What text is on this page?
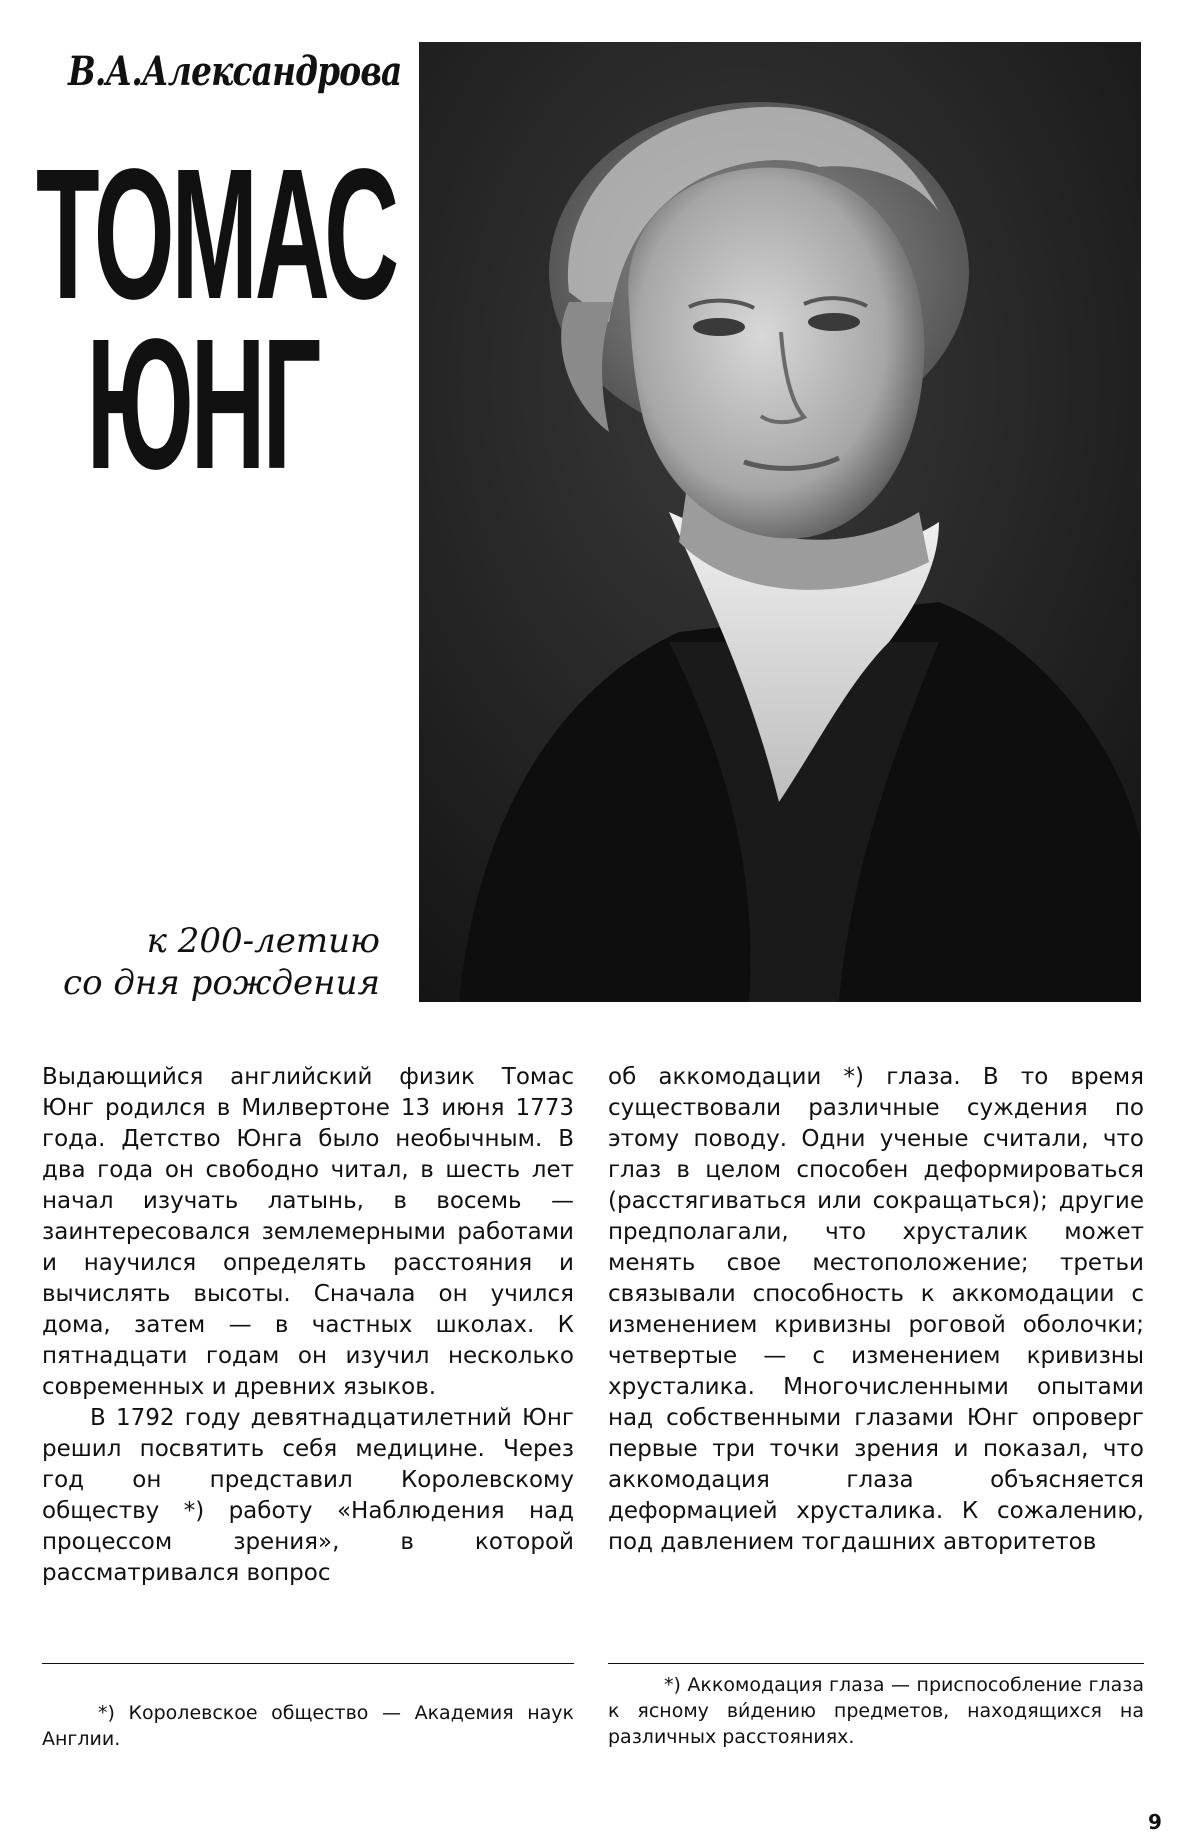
В.А.Александрова
ТОМАС
ЮНГ
к 200-летию
со дня рождения

Выдающийся английский физик Томас Юнг родился в Милвертоне 13 июня 1773 года. Детство Юнга было необычным. В два года он свободно читал, в шесть лет начал изучать латынь, в восемь — заинтересовался землемерными работами и научился определять расстояния и вычислять высоты. Сначала он учился дома, затем — в частных школах. К пятнадцати годам он изучил несколько современных и древних языков.

В 1792 году девятнадцатилетний Юнг решил посвятить себя медицине. Через год он представил Королевскому обществу *) работу «Наблюдения над процессом зрения», в которой рассматривался вопрос

об аккомодации *) глаза. В то время существовали различные суждения по этому поводу. Одни ученые считали, что глаз в целом способен деформироваться (расстягиваться или сокращаться); другие предполагали, что хрусталик может менять свое местоположение; третьи связывали способность к аккомодации с изменением кривизны роговой оболочки; четвертые — с изменением кривизны хрусталика. Многочисленными опытами над собственными глазами Юнг опроверг первые три точки зрения и показал, что аккомодация глаза объясняется деформацией хрусталика. К сожалению, под давлением тогдашних авторитетов

*) Королевское общество — Академия наук Англии.
*) Аккомодация глаза — приспособление глаза к ясному ви́дению предметов, находящихся на различных расстояниях.
9
